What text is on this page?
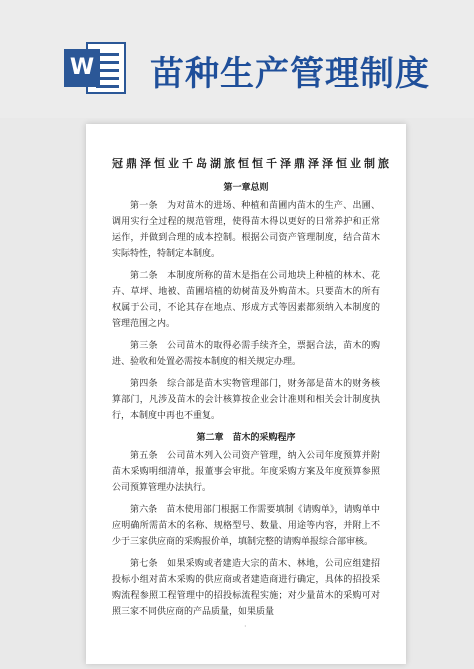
W 苗种生产管理制度
冠鼎泽恒业千岛湖旅恒恒千泽鼎泽泽恒业制旅
第一章总则

第一条　为对苗木的进场、种植和苗圃内苗木的生产、出圃、调用实行全过程的规范管理，使得苗木得以更好的日常养护和正常运作，并做到合理的成本控制。根据公司资产管理制度，结合苗木实际特性，特制定本制度。

第二条　本制度所称的苗木是指在公司地块上种植的林木、花卉、草坪、地被、苗圃培植的幼树苗及外购苗木。只要苗木的所有权属于公司，不论其存在地点、形成方式等因素都须纳入本制度的管理范围之内。

第三条　公司苗木的取得必需手续齐全，票据合法，苗木的购进、验收和处置必需按本制度的相关规定办理。

第四条　综合部是苗木实物管理部门，财务部是苗木的财务核算部门，凡涉及苗木的会计核算按企业会计准则和相关会计制度执行，本制度中再也不重复。

第二章　苗木的采购程序

第五条　公司苗木列入公司资产管理，纳入公司年度预算并附苗木采购明细清单，报董事会审批。年度采购方案及年度预算参照公司预算管理办法执行。

第六条　苗木使用部门根据工作需要填制《请购单》，请购单中应明确所需苗木的名称、规格型号、数量、用途等内容，并附上不少于三家供应商的采购报价单，填制完整的请购单报综合部审核。

第七条　如果采购或者建造大宗的苗木、林地，公司应组建招投标小组对苗木采购的供应商或者建造商进行确定，具体的招投采购流程参照工程管理中的招投标流程实施；对少量苗木的采购可对照三家不同供应商的产品质量，如果质量

·
